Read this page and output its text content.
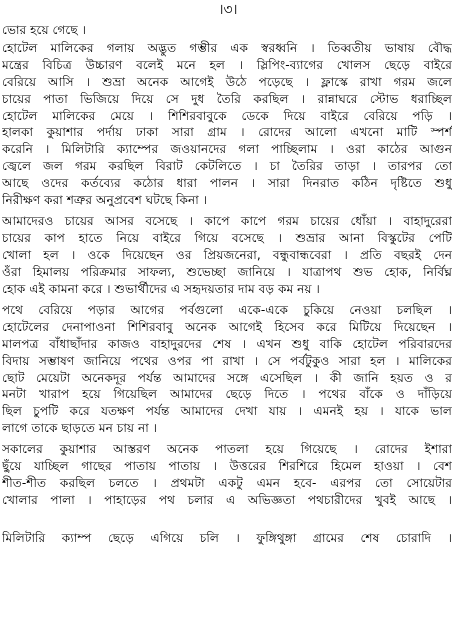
।৩।
ভোর হয়ে গেছে ।
হোটেল মালিকের গলায় অদ্ভুত গম্ভীর এক স্বরধ্বনি । তিব্বতীয় ভাষায় বৌদ্ধ
মন্ত্রের বিচিত্র উচ্চারণ বলেই মনে হল । স্লিপিং-ব্যাগের খোলস ছেড়ে বাইরে
বেরিয়ে আসি । শুভ্রা অনেক আগেই উঠে পড়েছে । ফ্লাস্কে রাখা গরম জলে
চায়ের পাতা ভিজিয়ে দিয়ে সে দুধ তৈরি করছিল । রান্নাঘরে স্টোভ ধরাচ্ছিল
হোটেল মালিকের মেয়ে । শিশিরবাবুকে ডেকে দিয়ে বাইরে বেরিয়ে পড়ি ।
হালকা কুয়াশার পর্দায় ঢাকা সারা গ্রাম । রোদের আলো এখনো মাটি স্পর্শ
করেনি । মিলিটারি ক্যাম্পের জওয়ানদের গলা পাচ্ছিলাম । ওরা কাঠের আগুন
জ্বেলে জল গরম করছিল বিরাট কেটলিতে । চা তৈরির তাড়া । তারপর তো
আছে ওদের কর্তব্যের কঠোর ধারা পালন । সারা দিনরাত কঠিন দৃষ্টিতে শুধু
নিরীক্ষণ করা শত্রুর অনুপ্রবেশ ঘটছে কিনা ।
আমাদেরও চায়ের আসর বসেছে । কাপে কাপে গরম চায়ের ধোঁয়া । বাহাদুরেরা
চায়ের কাপ হাতে নিয়ে বাইরে গিয়ে বসেছে । শুভ্রার আনা বিস্কুটের পেটি
খোলা হল । ওকে দিয়েছেন ওর প্রিয়জনেরা, বন্ধুবান্ধবেরা । প্রতি বছরই দেন
ওঁরা হিমালয় পরিক্রমার সাফল্য, শুভেচ্ছা জানিয়ে । যাত্রাপথ শুভ হোক, নির্বিঘ্ন
হোক এই কামনা করে । শুভার্থীদের এ সহৃদয়তার দাম বড় কম নয় ।
পথে বেরিয়ে পড়ার আগের পর্বগুলো একে-একে চুকিয়ে নেওয়া চলছিল ।
হোটেলের দেনাপাওনা শিশিরবাবু অনেক আগেই হিসেব করে মিটিয়ে দিয়েছেন ।
মালপত্র বাঁধাছাঁদার কাজও বাহাদুরদের শেষ । এখন শুধু বাকি হোটেল পরিবারদের
বিদায় সম্ভাষণ জানিয়ে পথের ওপর পা রাখা । সে পর্বটুকুও সারা হল । মালিকের
ছোট মেয়েটা অনেকদূর পর্যন্ত আমাদের সঙ্গে এসেছিল । কী জানি হয়ত ও র
মনটা খারাপ হয়ে গিয়েছিল আমাদের ছেড়ে দিতে । পথের বাঁকে ও দাঁড়িয়ে
ছিল চুপটি করে যতক্ষণ পর্যন্ত আমাদের দেখা যায় । এমনই হয় । যাকে ভাল
লাগে তাকে ছাড়তে মন চায় না ।
সকালের কুয়াশার আস্তরণ অনেক পাতলা হয়ে গিয়েছে । রোদের ইশারা
ছুঁয়ে যাচ্ছিল গাছের পাতায় পাতায় । উত্তরের শিরশিরে হিমেল হাওয়া । বেশ
শীত-শীত করছিল চলতে । প্রথমটা একটু এমন হবে- এরপর তো সোয়েটার
খোলার পালা । পাহাড়ের পথ চলার এ অভিজ্ঞতা পথচারীদের খুবই আছে ।
মিলিটারি ক্যাম্প ছেড়ে এগিয়ে চলি । ফুঙ্গিথুঙ্গা গ্রামের শেষ চোরাদি ।
